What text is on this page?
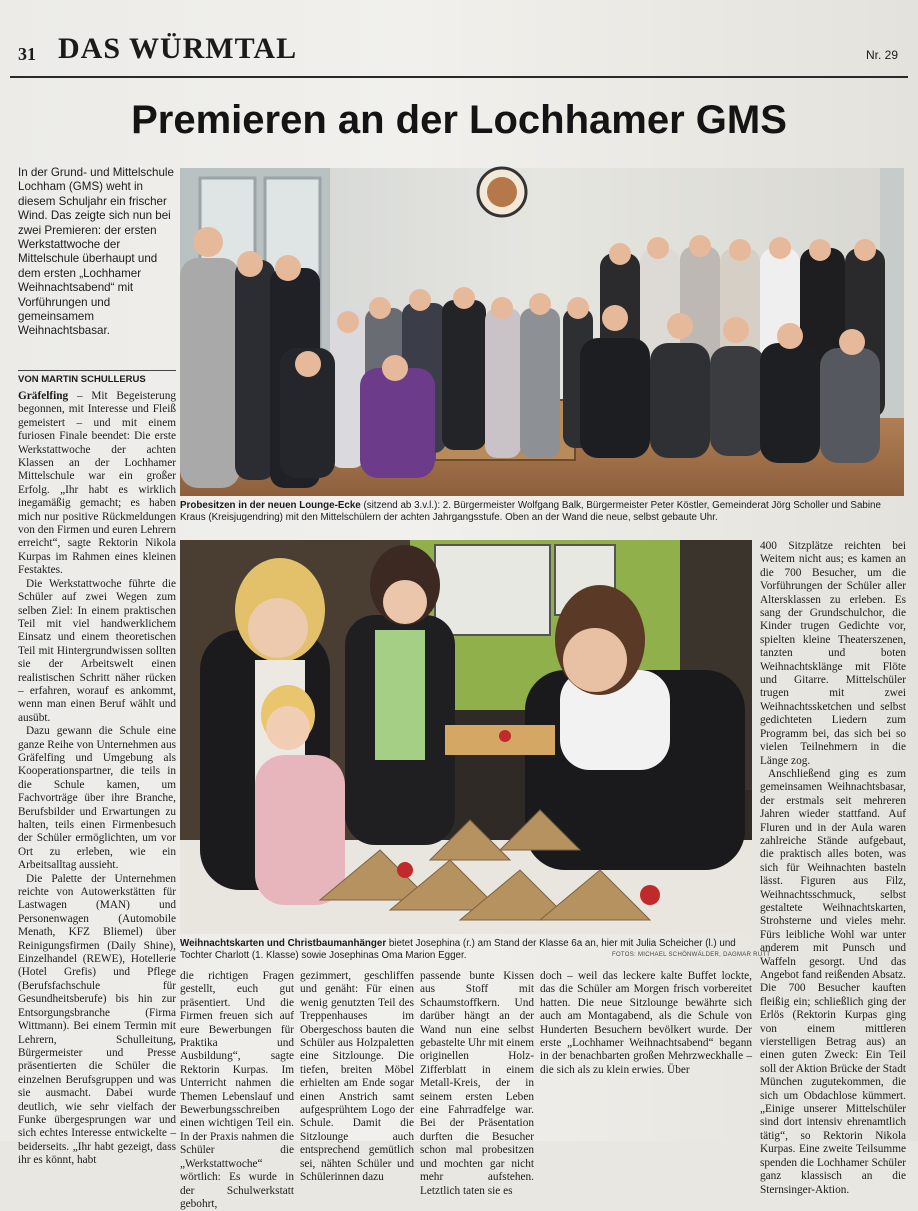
31 DAS WÜRMTAL	Nr. 29
Premieren an der Lochhamer GMS
In der Grund- und Mittelschule Lochham (GMS) weht in diesem Schuljahr ein frischer Wind. Das zeigte sich nun bei zwei Premieren: der ersten Werkstattwoche der Mittelschule überhaupt und dem ersten „Lochhamer Weihnachtsabend“ mit Vorführungen und gemeinsamem Weihnachtsbasar.
VON MARTIN SCHULLERUS

Gräfelfing – Mit Begeisterung begonnen, mit Interesse und Fleiß gemeistert – und mit einem furiosen Finale beendet: Die erste Werkstattwoche der achten Klassen an der Lochhamer Mittelschule war ein großer Erfolg. „Ihr habt es wirklich inegamäßig gemacht; es haben mich nur positive Rückmeldungen von den Firmen und euren Lehrern erreicht“, sagte Rektorin Nikola Kurpas im Rahmen eines kleinen Festaktes.

Die Werkstattwoche führte die Schüler auf zwei Wegen zum selben Ziel: In einem praktischen Teil mit viel handwerklichem Einsatz und einem theoretischen Teil mit Hintergrundwissen sollten sie der Arbeitswelt einen realistischen Schritt näher rücken – erfahren, worauf es ankommt, wenn man einen Beruf wählt und ausübt.

Dazu gewann die Schule eine ganze Reihe von Unternehmen aus Gräfelfing und Umgebung als Kooperationspartner, die teils in die Schule kamen, um Fachvorträge über ihre Branche, Berufsbilder und Erwartungen zu halten, teils einen Firmenbesuch der Schüler ermöglichten, um vor Ort zu erleben, wie ein Arbeitsalltag aussieht.

Die Palette der Unternehmen reichte von Autowerkstätten für Lastwagen (MAN) und Personenwagen (Automobile Menath, KFZ Bliemel) über Reinigungsfirmen (Daily Shine), Einzelhandel (REWE), Hotellerie (Hotel Grefis) und Pflege (Berufsfachschule für Gesundheitsberufe) bis hin zur Entsorgungsbranche (Firma Wittmann). Bei einem Termin mit Lehrern, Schulleitung, Bürgermeister und Presse präsentierten die Schüler die einzelnen Berufsgruppen und was sie ausmacht. Dabei wurde deutlich, wie sehr vielfach der Funke übergesprungen war und sich echtes Interesse entwickelte – beiderseits. „Ihr habt gezeigt, dass ihr es könnt, habt

Probesitzen in der neuen Lounge-Ecke (sitzend ab 3.v.l.): 2. Bürgermeister Wolfgang Balk, Bürgermeister Peter Köstler, Gemeinderat Jörg Scholler und Sabine Kraus (Kreisjugendring) mit den Mittelschülern der achten Jahrgangsstufe. Oben an der Wand die neue, selbst gebaute Uhr.
Weihnachtskarten und Christbaumanhänger bietet Josephina (r.) am Stand der Klasse 6a an, hier mit Julia Scheicher (l.) und Tochter Charlott (1. Klasse) sowie Josephinas Oma Marion Egger.	FOTOS: MICHAEL SCHÖNWÄLDER, DAGMAR RUTT
die richtigen Fragen gestellt, euch gut präsentiert. Und die Firmen freuen sich auf eure Bewerbungen für Praktika und Ausbildung“, sagte Rektorin Kurpas. Im Unterricht nahmen die Themen Lebenslauf und Bewerbungsschreiben einen wichtigen Teil ein. In der Praxis nahmen die Schüler die „Werkstattwoche“ wörtlich: Es wurde in der Schulwerkstatt gebohrt,
gezimmert, geschliffen und genäht: Für einen wenig genutzten Teil des Treppenhauses im Obergeschoss bauten die Schüler aus Holzpaletten eine Sitzlounge. Die tiefen, breiten Möbel erhielten am Ende sogar einen Anstrich samt aufgesprühtem Logo der Schule. Damit die Sitzlounge auch entsprechend gemütlich sei, nähten Schüler und Schülerinnen dazu
passende bunte Kissen aus Stoff mit Schaumstoffkern. Und darüber hängt an der Wand nun eine selbst gebastelte Uhr mit einem originellen Holz-Zifferblatt in einem Metall-Kreis, der in seinem ersten Leben eine Fahrradfelge war. Bei der Präsentation durften die Besucher schon mal probesitzen und mochten gar nicht mehr aufstehen. Letztlich taten sie es
doch – weil das leckere kalte Buffet lockte, das die Schüler am Morgen frisch vorbereitet hatten. Die neue Sitzlounge bewährte sich auch am Montagabend, als die Schule von Hunderten Besuchern bevölkert wurde. Der erste „Lochhamer Weihnachtsabend“ begann in der benachbarten großen Mehrzweckhalle – die sich als zu klein erwies. Über

400 Sitzplätze reichten bei Weitem nicht aus; es kamen an die 700 Besucher, um die Vorführungen der Schüler aller Altersklassen zu erleben. Es sang der Grundschulchor, die Kinder trugen Gedichte vor, spielten kleine Theaterszenen, tanzten und boten Weihnachtsklänge mit Flöte und Gitarre. Mittelschüler trugen mit zwei Weihnachtssketchen und selbst gedichteten Liedern zum Programm bei, das sich bei so vielen Teilnehmern in die Länge zog.

Anschließend ging es zum gemeinsamen Weihnachtsbasar, der erstmals seit mehreren Jahren wieder stattfand. Auf Fluren und in der Aula waren zahlreiche Stände aufgebaut, die praktisch alles boten, was sich für Weihnachten basteln lässt. Figuren aus Filz, Weihnachtsschmuck, selbst gestaltete Weihnachtskarten, Strohsterne und vieles mehr. Fürs leibliche Wohl war unter anderem mit Punsch und Waffeln gesorgt. Und das Angebot fand reißenden Absatz. Die 700 Besucher kauften fleißig ein; schließlich ging der Erlös (Rektorin Kurpas ging von einem mittleren vierstelligen Betrag aus) an einen guten Zweck: Ein Teil soll der Aktion Brücke der Stadt München zugutekommen, die sich um Obdachlose kümmert. „Einige unserer Mittelschüler sind dort intensiv ehrenamtlich tätig“, so Rektorin Nikola Kurpas. Eine zweite Teilsumme spenden die Lochhamer Schüler ganz klassisch an die Sternsinger-Aktion.
